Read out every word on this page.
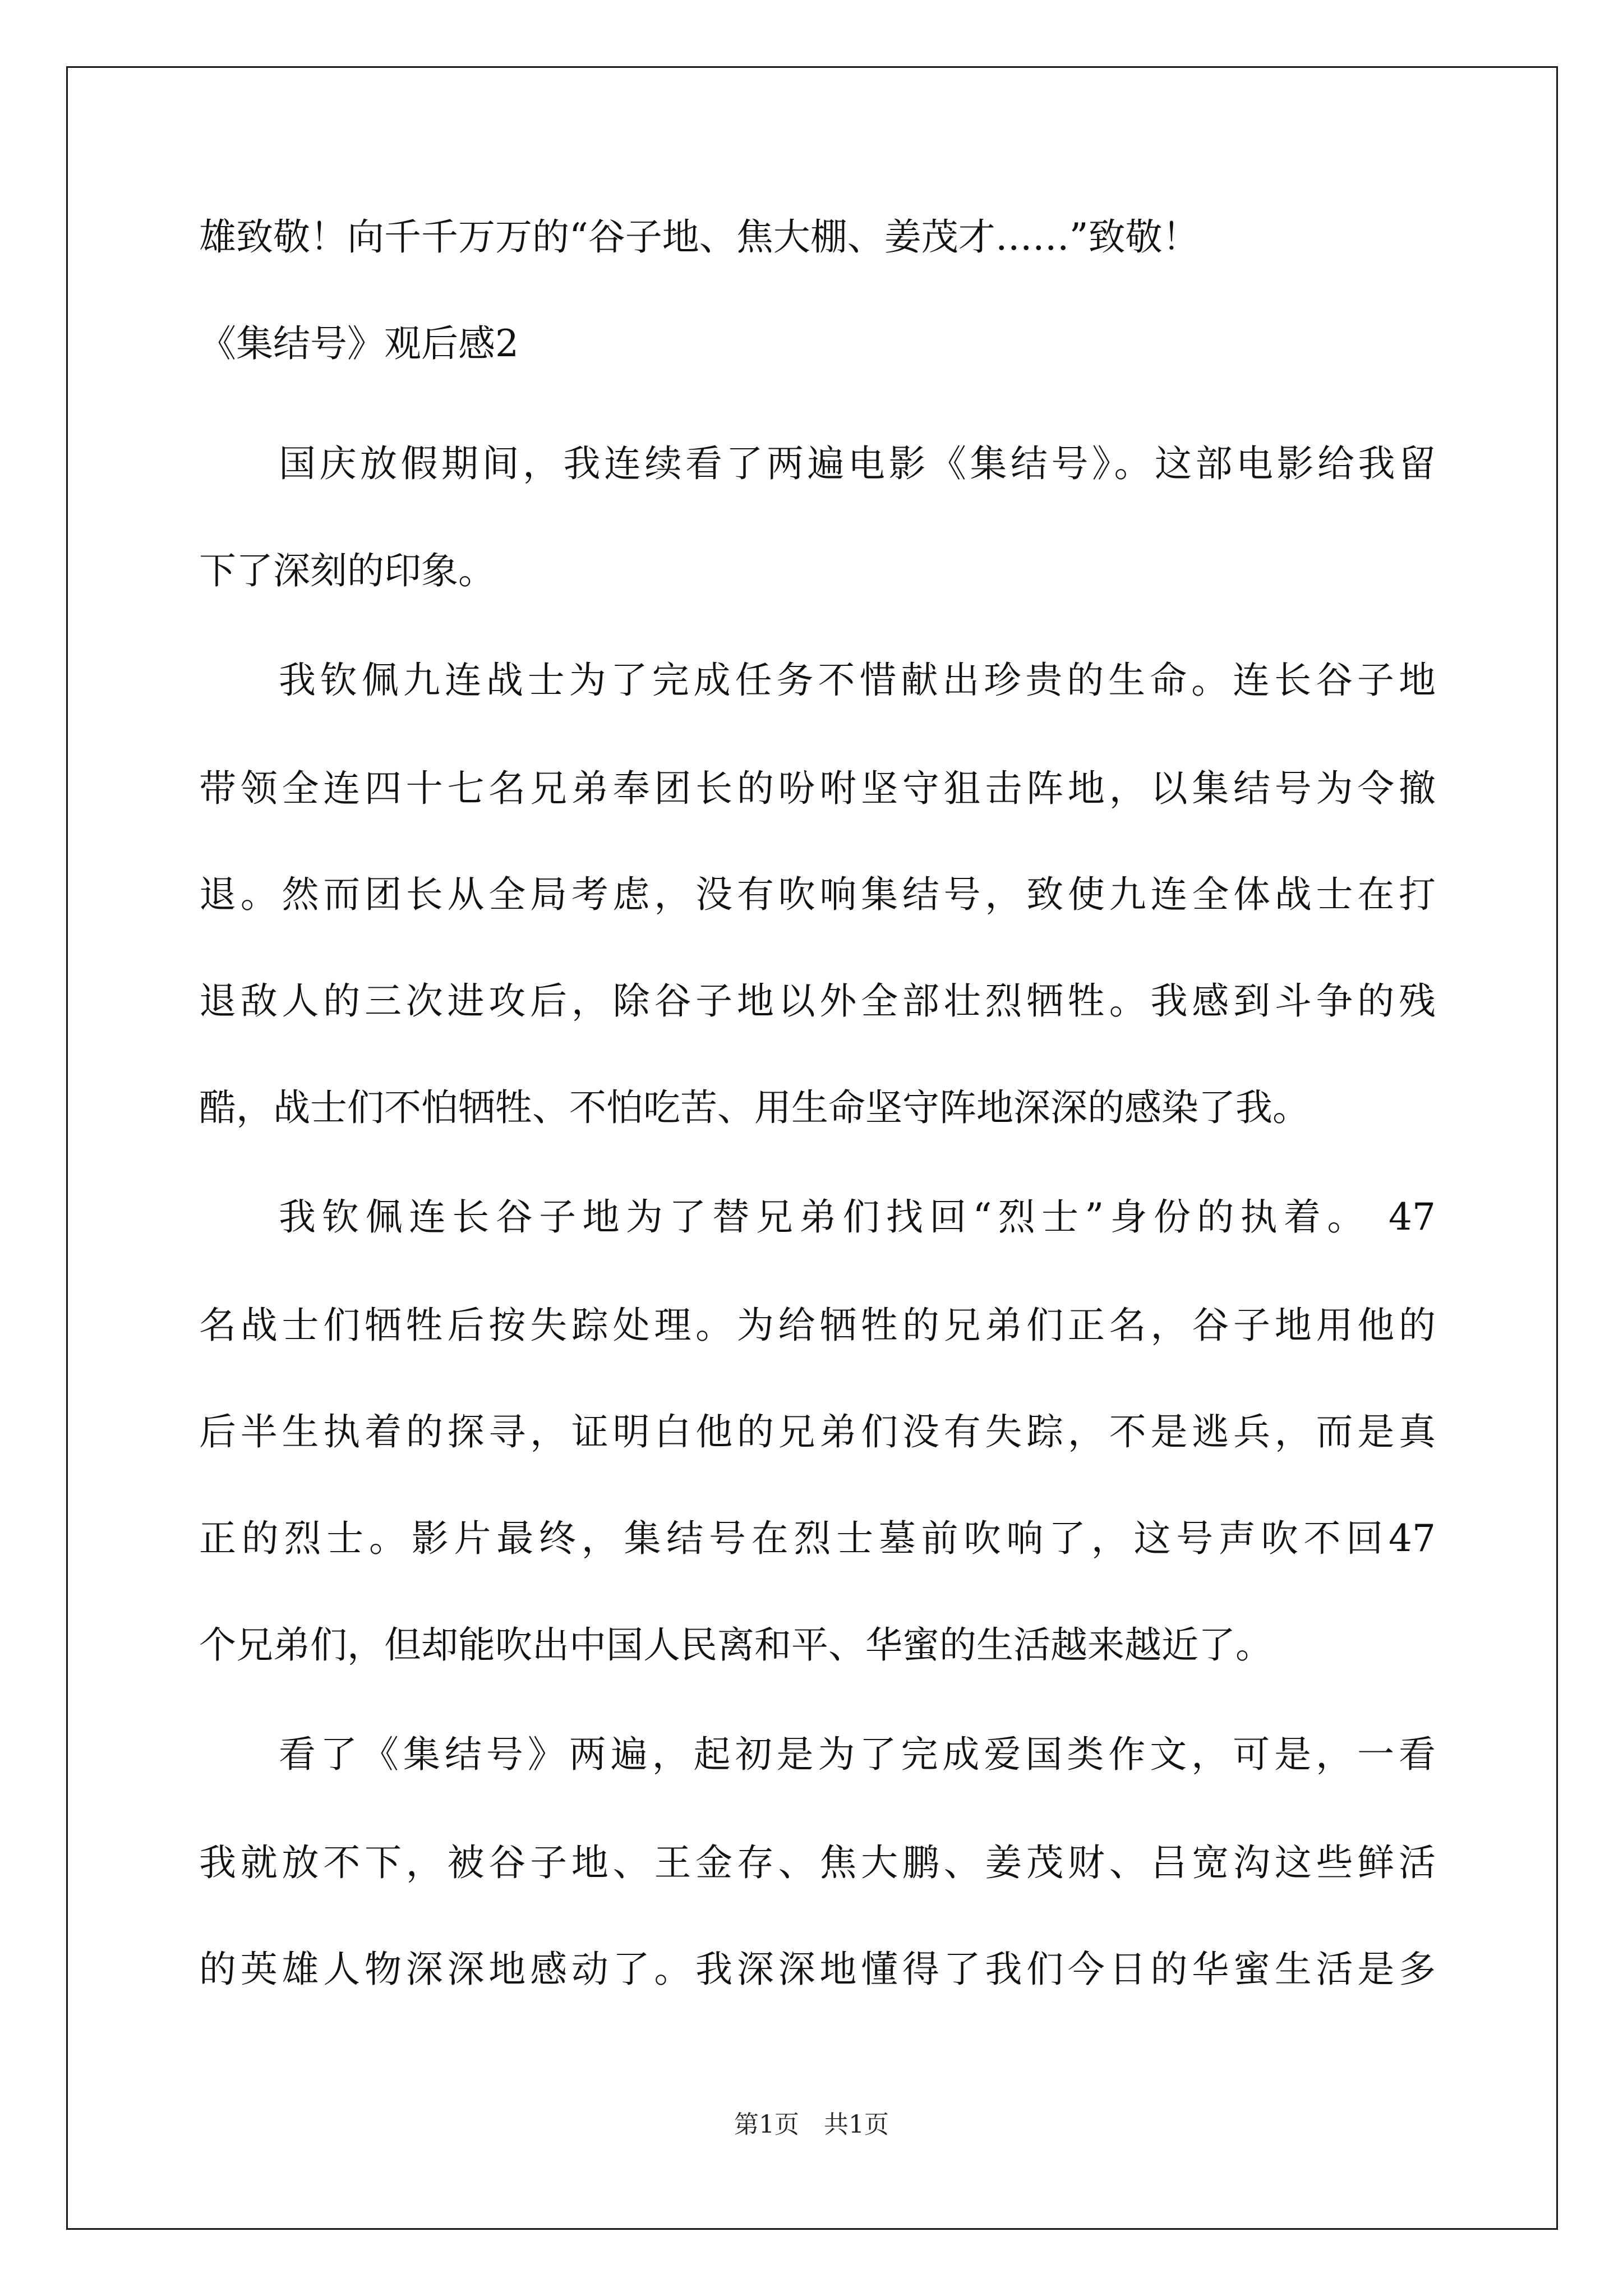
雄致敬！向千千万万的“谷子地、焦大棚、姜茂才……”致敬！
《集结号》观后感2
国庆放假期间，我连续看了两遍电影《集结号》。这部电影给我留
下了深刻的印象。
我钦佩九连战士为了完成任务不惜献出珍贵的生命。连长谷子地
带领全连四十七名兄弟奉团长的吩咐坚守狙击阵地，以集结号为令撤
退。然而团长从全局考虑，没有吹响集结号，致使九连全体战士在打
退敌人的三次进攻后，除谷子地以外全部壮烈牺牲。我感到斗争的残
酷，战士们不怕牺牲、不怕吃苦、用生命坚守阵地深深的感染了我。
我钦佩连长谷子地为了替兄弟们找回“烈士”身份的执着。 47
名战士们牺牲后按失踪处理。为给牺牲的兄弟们正名，谷子地用他的
后半生执着的探寻，证明白他的兄弟们没有失踪，不是逃兵，而是真
正的烈士。影片最终，集结号在烈士墓前吹响了，这号声吹不回47
个兄弟们，但却能吹出中国人民离和平、华蜜的生活越来越近了。
看了《集结号》两遍，起初是为了完成爱国类作文，可是，一看
我就放不下，被谷子地、王金存、焦大鹏、姜茂财、吕宽沟这些鲜活
的英雄人物深深地感动了。我深深地懂得了我们今日的华蜜生活是多
第1页　共1页
